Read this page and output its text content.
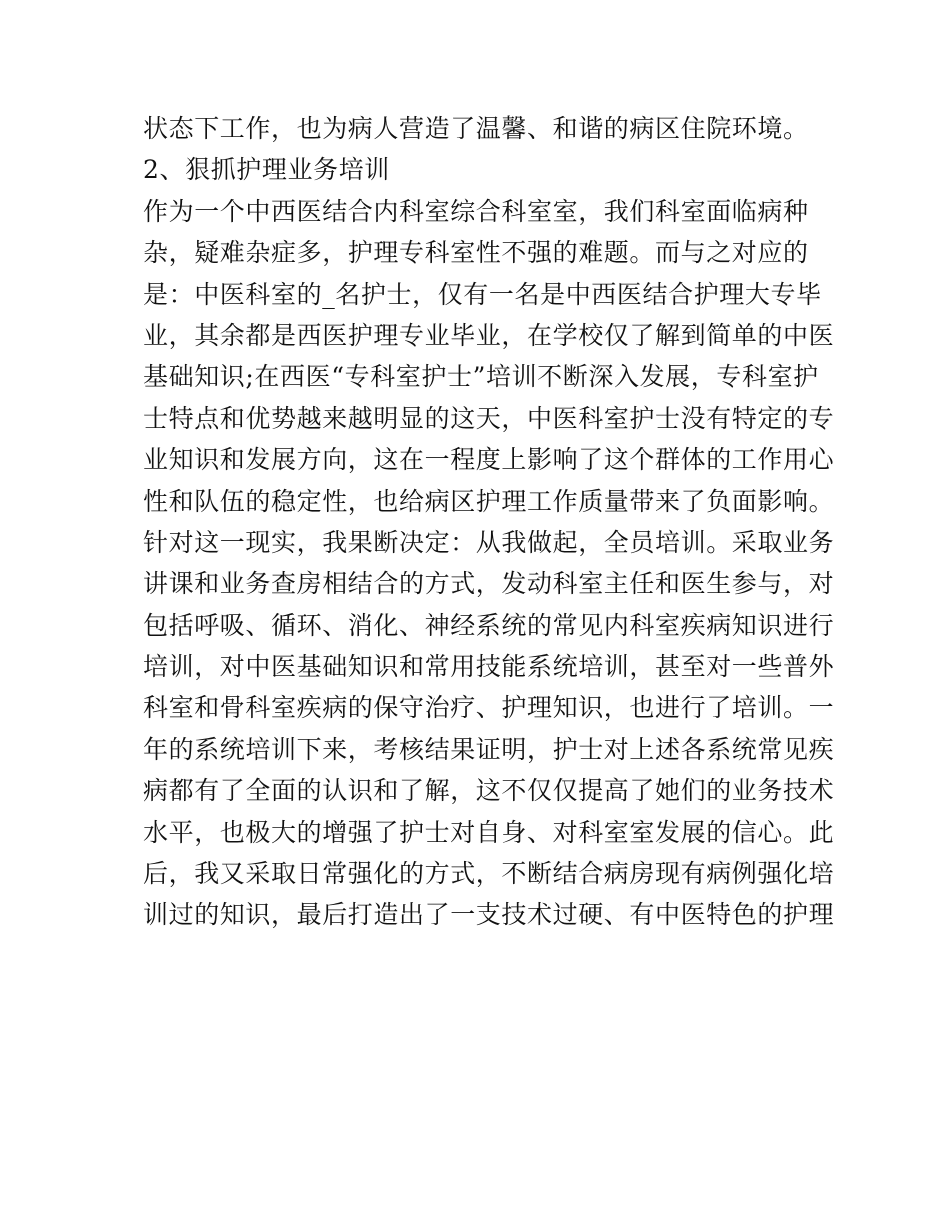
状态下工作，也为病人营造了温馨、和谐的病区住院环境。
2、狠抓护理业务培训
作为一个中西医结合内科室综合科室室，我们科室面临病种
杂，疑难杂症多，护理专科室性不强的难题。而与之对应的
是：中医科室的_名护士，仅有一名是中西医结合护理大专毕
业，其余都是西医护理专业毕业，在学校仅了解到简单的中医
基础知识;在西医“专科室护士”培训不断深入发展，专科室护
士特点和优势越来越明显的这天，中医科室护士没有特定的专
业知识和发展方向，这在一程度上影响了这个群体的工作用心
性和队伍的稳定性，也给病区护理工作质量带来了负面影响。
针对这一现实，我果断决定：从我做起，全员培训。采取业务
讲课和业务查房相结合的方式，发动科室主任和医生参与，对
包括呼吸、循环、消化、神经系统的常见内科室疾病知识进行
培训，对中医基础知识和常用技能系统培训，甚至对一些普外
科室和骨科室疾病的保守治疗、护理知识，也进行了培训。一
年的系统培训下来，考核结果证明，护士对上述各系统常见疾
病都有了全面的认识和了解，这不仅仅提高了她们的业务技术
水平，也极大的增强了护士对自身、对科室室发展的信心。此
后，我又采取日常强化的方式，不断结合病房现有病例强化培
训过的知识，最后打造出了一支技术过硬、有中医特色的护理
